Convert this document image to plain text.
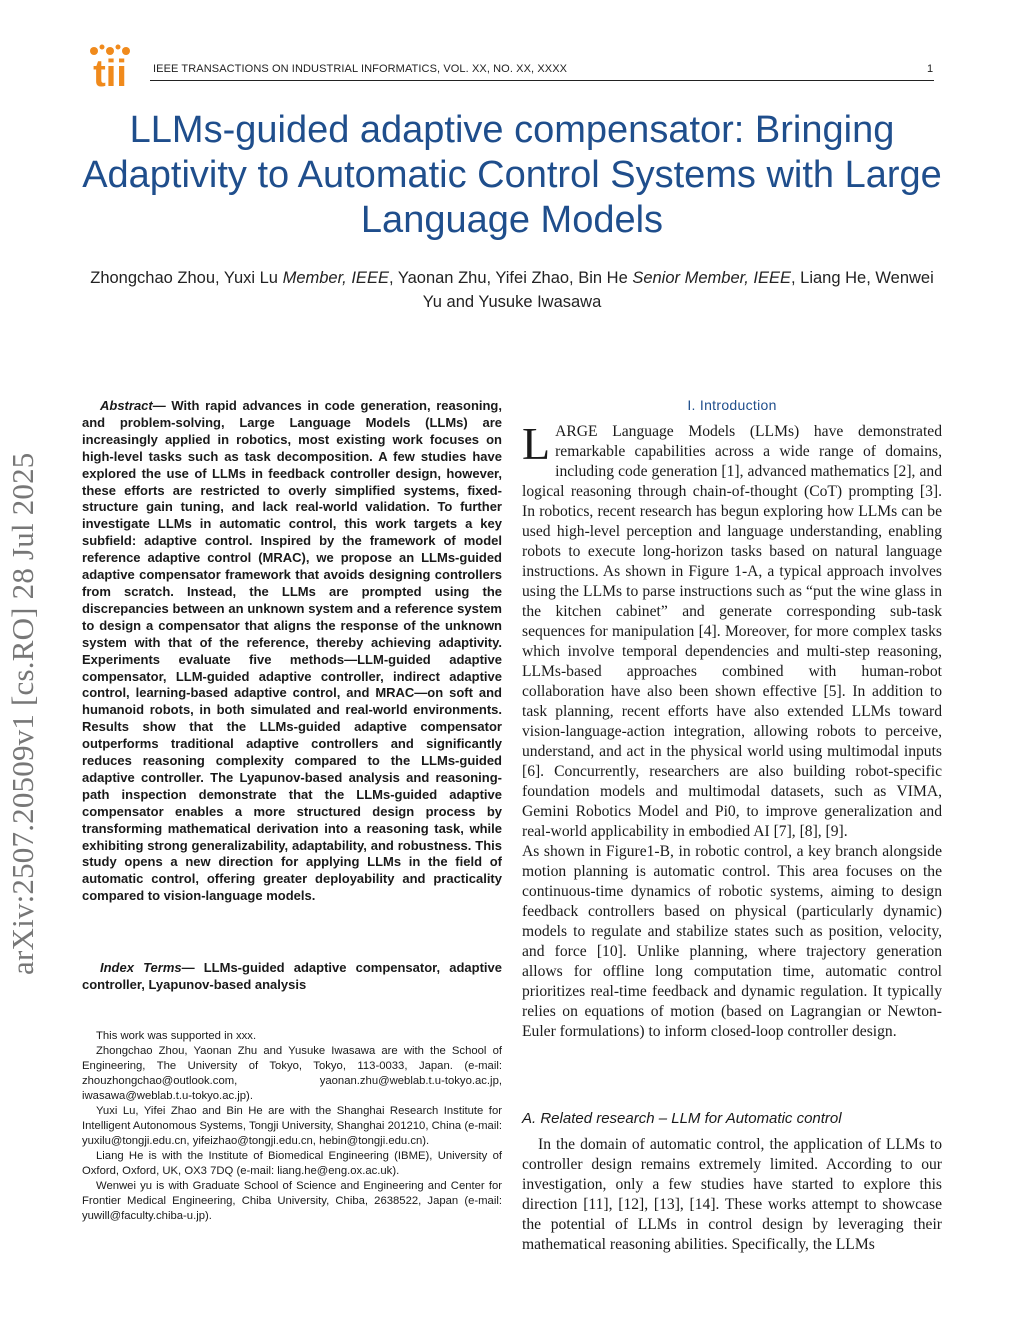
tii IEEE TRANSACTIONS ON INDUSTRIAL INFORMATICS, VOL. XX, NO. XX, XXXX	1
LLMs-guided adaptive compensator: Bringing Adaptivity to Automatic Control Systems with Large Language Models
Zhongchao Zhou, Yuxi Lu Member, IEEE, Yaonan Zhu, Yifei Zhao, Bin He Senior Member, IEEE, Liang He, Wenwei Yu and Yusuke Iwasawa
arXiv:2507.20509v1 [cs.RO] 28 Jul 2025

Abstract— With rapid advances in code generation, reasoning, and problem-solving, Large Language Models (LLMs) are increasingly applied in robotics, most existing work focuses on high-level tasks such as task decomposition. A few studies have explored the use of LLMs in feedback controller design, however, these efforts are restricted to overly simplified systems, fixed-structure gain tuning, and lack real-world validation. To further investigate LLMs in automatic control, this work targets a key subfield: adaptive control. Inspired by the framework of model reference adaptive control (MRAC), we propose an LLMs-guided adaptive compensator framework that avoids designing controllers from scratch. Instead, the LLMs are prompted using the discrepancies between an unknown system and a reference system to design a compensator that aligns the response of the unknown system with that of the reference, thereby achieving adaptivity. Experiments evaluate five methods—LLM-guided adaptive compensator, LLM-guided adaptive controller, indirect adaptive control, learning-based adaptive control, and MRAC—on soft and humanoid robots, in both simulated and real-world environments. Results show that the LLMs-guided adaptive compensator outperforms traditional adaptive controllers and significantly reduces reasoning complexity compared to the LLMs-guided adaptive controller. The Lyapunov-based analysis and reasoning-path inspection demonstrate that the LLMs-guided adaptive compensator enables a more structured design process by transforming mathematical derivation into a reasoning task, while exhibiting strong generalizability, adaptability, and robustness. This study opens a new direction for applying LLMs in the field of automatic control, offering greater deployability and practicality compared to vision-language models.

Index Terms— LLMs-guided adaptive compensator, adaptive controller, Lyapunov-based analysis

This work was supported in xxx.

Zhongchao Zhou, Yaonan Zhu and Yusuke Iwasawa are with the School of Engineering, The University of Tokyo, Tokyo, 113-0033, Japan. (e-mail: zhouzhongchao@outlook.com, yaonan.zhu@weblab.t.u-tokyo.ac.jp, iwasawa@weblab.t.u-tokyo.ac.jp).

Yuxi Lu, Yifei Zhao and Bin He are with the Shanghai Research Institute for Intelligent Autonomous Systems, Tongji University, Shanghai 201210, China (e-mail: yuxilu@tongji.edu.cn, yifeizhao@tongji.edu.cn, hebin@tongji.edu.cn).

Liang He is with the Institute of Biomedical Engineering (IBME), University of Oxford, Oxford, UK, OX3 7DQ (e-mail: liang.he@eng.ox.ac.uk).

Wenwei yu is with Graduate School of Science and Engineering and Center for Frontier Medical Engineering, Chiba University, Chiba, 2638522, Japan (e-mail: yuwill@faculty.chiba-u.jp).

I. Introduction

LARGE Language Models (LLMs) have demonstrated remarkable capabilities across a wide range of domains, including code generation [1], advanced mathematics [2], and logical reasoning through chain-of-thought (CoT) prompting [3]. In robotics, recent research has begun exploring how LLMs can be used high-level perception and language understanding, enabling robots to execute long-horizon tasks based on natural language instructions. As shown in Figure 1-A, a typical approach involves using the LLMs to parse instructions such as “put the wine glass in the kitchen cabinet” and generate corresponding sub-task sequences for manipulation [4]. Moreover, for more complex tasks which involve temporal dependencies and multi-step reasoning, LLMs-based approaches combined with human-robot collaboration have also been shown effective [5]. In addition to task planning, recent efforts have also extended LLMs toward vision-language-action integration, allowing robots to perceive, understand, and act in the physical world using multimodal inputs [6]. Concurrently, researchers are also building robot-specific foundation models and multimodal datasets, such as VIMA, Gemini Robotics Model and Pi0, to improve generalization and real-world applicability in embodied AI [7], [8], [9].

As shown in Figure1-B, in robotic control, a key branch alongside motion planning is automatic control. This area focuses on the continuous-time dynamics of robotic systems, aiming to design feedback controllers based on physical (particularly dynamic) models to regulate and stabilize states such as position, velocity, and force [10]. Unlike planning, where trajectory generation allows for offline long computation time, automatic control prioritizes real-time feedback and dynamic regulation. It typically relies on equations of motion (based on Lagrangian or Newton-Euler formulations) to inform closed-loop controller design.

A. Related research – LLM for Automatic control

In the domain of automatic control, the application of LLMs to controller design remains extremely limited. According to our investigation, only a few studies have started to explore this direction [11], [12], [13], [14]. These works attempt to showcase the potential of LLMs in control design by leveraging their mathematical reasoning abilities. Specifically, the LLMs
